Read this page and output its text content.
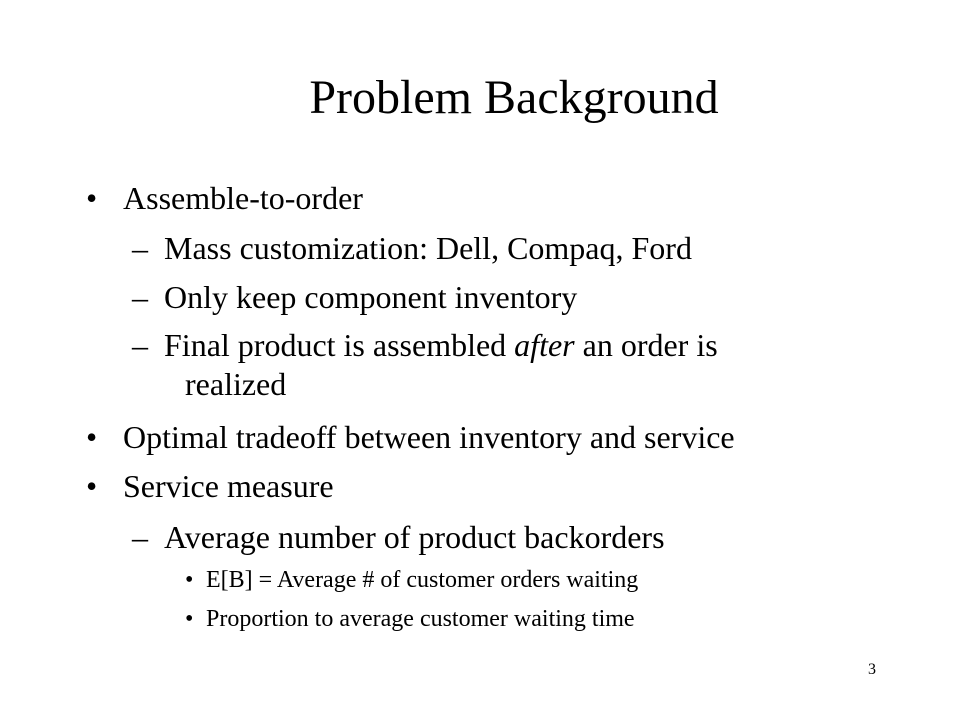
Problem Background
• Assemble-to-order
– Mass customization: Dell, Compaq, Ford
– Only keep component inventory
– Final product is assembled after an order is
realized
• Optimal tradeoff between inventory and service
• Service measure
– Average number of product backorders
• E[B] = Average # of customer orders waiting
• Proportion to average customer waiting time
3
